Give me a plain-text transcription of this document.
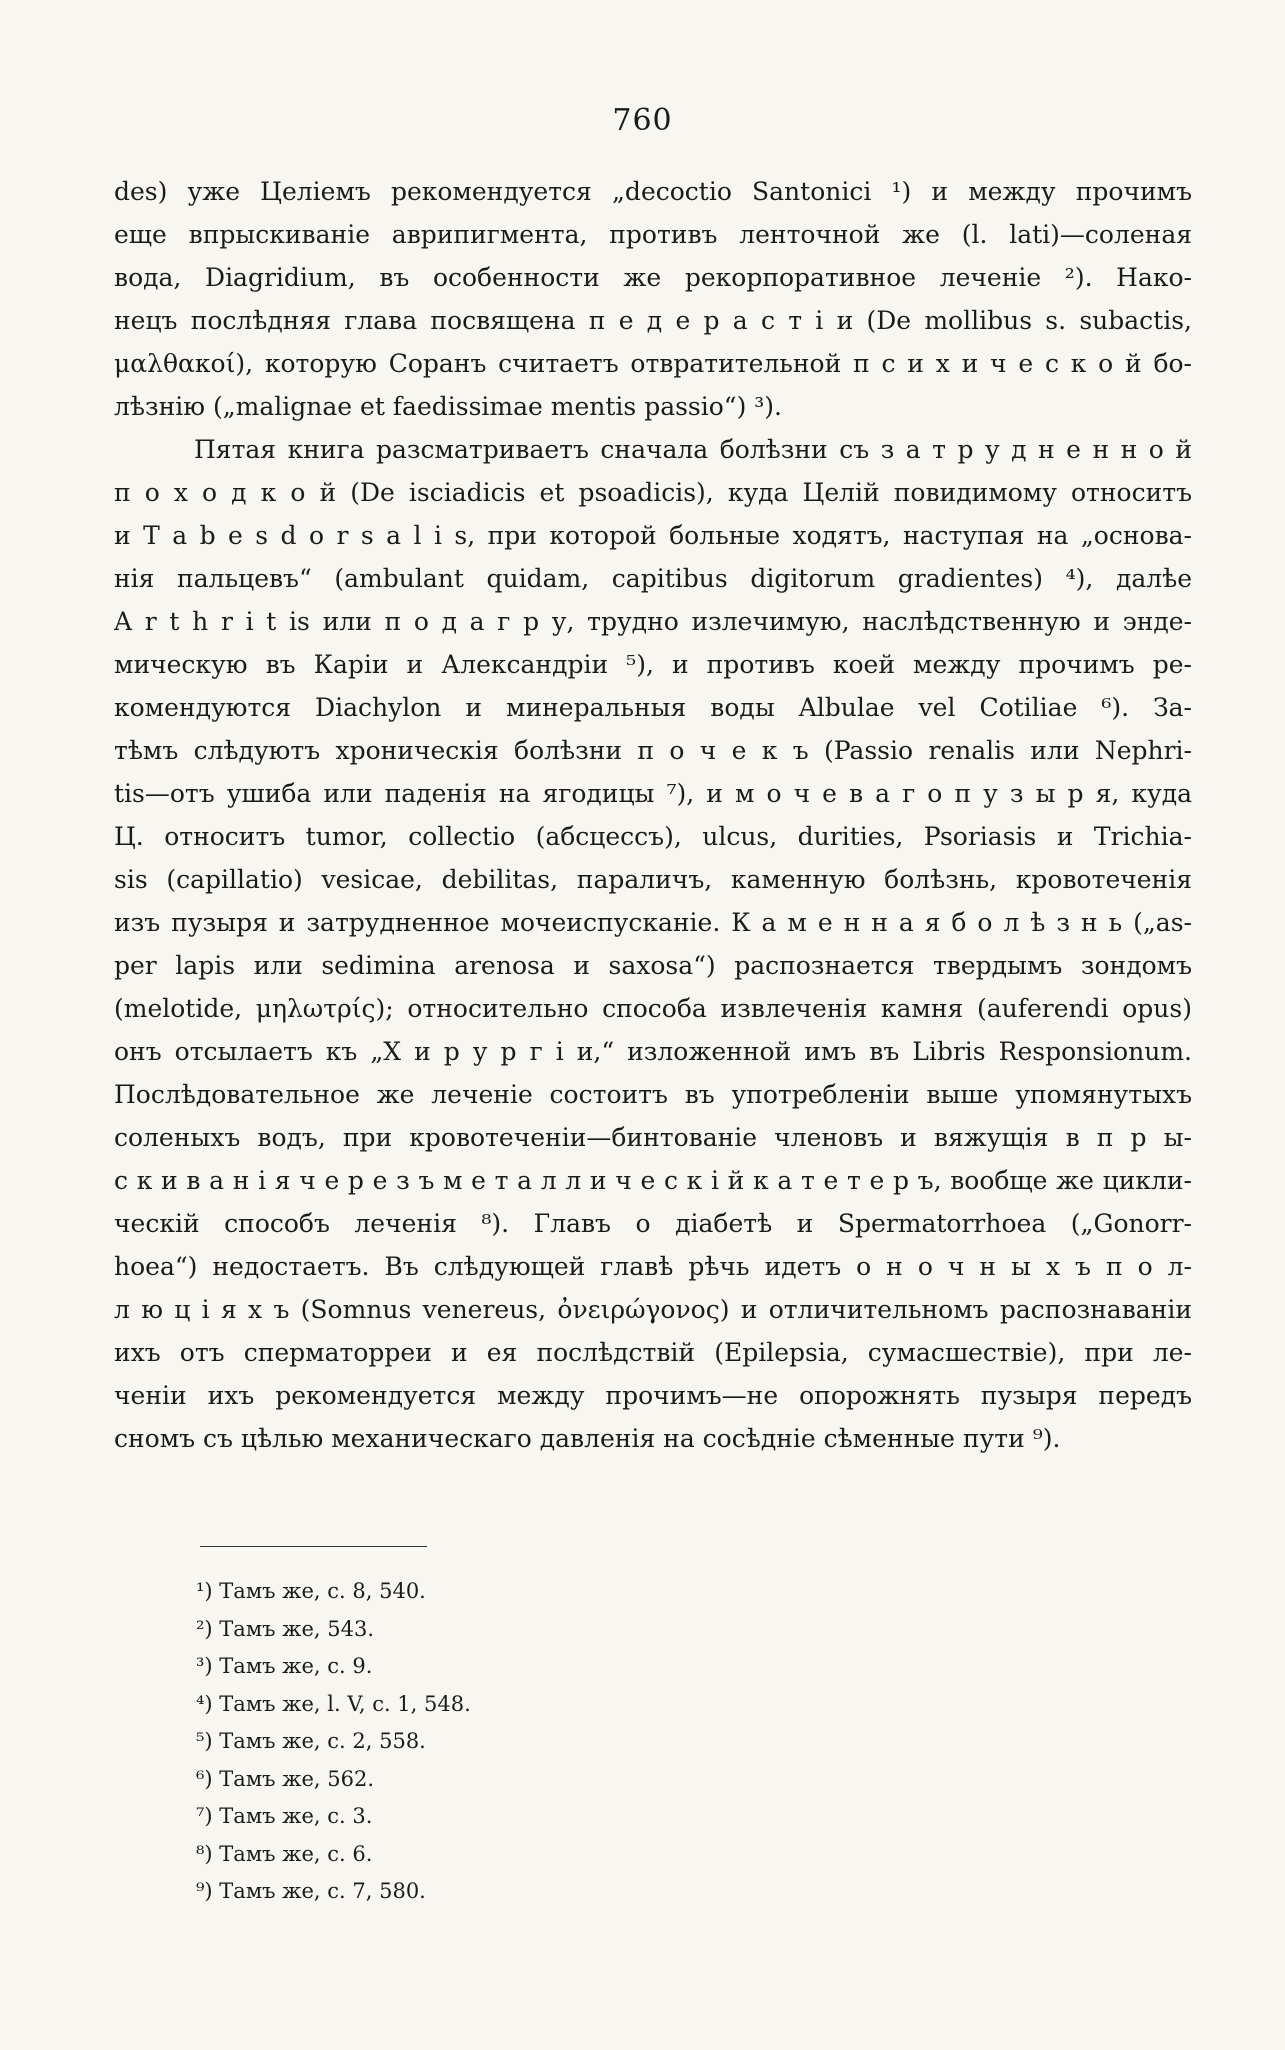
760
des) уже Целіемъ рекомендуется „decoctio Santonici ¹) и между прочимъ
еще впрыскиваніе аврипигмента, противъ ленточной же (l. lati)—соленая
вода, Diagridium, въ особенности же рекорпоративное леченіе ²). Нако-
нецъ послѣдняя глава посвящена п е д е р а с т і и (De mollibus s. subactis,
μαλθακοί), которую Соранъ считаетъ отвратительной п с и х и ч е с к о й бо-
лѣзнію („malignae et faedissimae mentis passio“) ³).
Пятая книга разсматриваетъ сначала болѣзни съ з а т р у д н е н н о й
п о х о д к о й (De isciadicis et psoadicis), куда Целій повидимому относитъ
и T a b e s d o r s a l i s, при которой больные ходятъ, наступая на „основа-
нія пальцевъ“ (ambulant quidam, capitibus digitorum gradientes) ⁴), далѣе
A r t h r i t is или п о д а г р у, трудно излечимую, наслѣдственную и энде-
мическую въ Каріи и Александріи ⁵), и противъ коей между прочимъ ре-
комендуются Diachylon и минеральныя воды Albulae vel Cotiliae ⁶). За-
тѣмъ слѣдуютъ хроническія болѣзни п о ч е к ъ (Passio renalis или Nephri-
tis—отъ ушиба или паденія на ягодицы ⁷), и м о ч е в а г о п у з ы р я, куда
Ц. относитъ tumor, collectio (абсцессъ), ulcus, durities, Psoriasis и Trichia-
sis (capillatio) vesicae, debilitas, параличъ, каменную болѣзнь, кровотеченія
изъ пузыря и затрудненное мочеиспусканіе. К а м е н н а я б о л ѣ з н ь („as-
per lapis или sedimina arenosa и saxosa“) распознается твердымъ зондомъ
(melotide, μηλωτρίς); относительно способа извлеченія камня (auferendi opus)
онъ отсылаетъ къ „Х и р у р г і и,“ изложенной имъ въ Libris Responsionum.
Послѣдовательное же леченіе состоитъ въ употребленіи выше упомянутыхъ
соленыхъ водъ, при кровотеченіи—бинтованіе членовъ и вяжущія в п р ы-
с к и в а н і я ч е р е з ъ м е т а л л и ч е с к і й к а т е т е р ъ, вообще же цикли-
ческій способъ леченія ⁸). Главъ о діабетѣ и Spermatorrhoea („Gonorr-
hoea“) недостаетъ. Въ слѣдующей главѣ рѣчь идетъ о н о ч н ы х ъ п о л-
л ю ц і я х ъ (Somnus venereus, ὀνειρώγονος) и отличительномъ распознаваніи
ихъ отъ сперматорреи и ея послѣдствій (Epilepsia, сумасшествіе), при ле-
ченіи ихъ рекомендуется между прочимъ—не опорожнять пузыря передъ
сномъ съ цѣлью механическаго давленія на сосѣдніе сѣменные пути ⁹).
¹) Тамъ же, с. 8, 540.
²) Тамъ же, 543.
³) Тамъ же, с. 9.
⁴) Тамъ же, l. V, с. 1, 548.
⁵) Тамъ же, с. 2, 558.
⁶) Тамъ же, 562.
⁷) Тамъ же, с. 3.
⁸) Тамъ же, с. 6.
⁹) Тамъ же, с. 7, 580.
